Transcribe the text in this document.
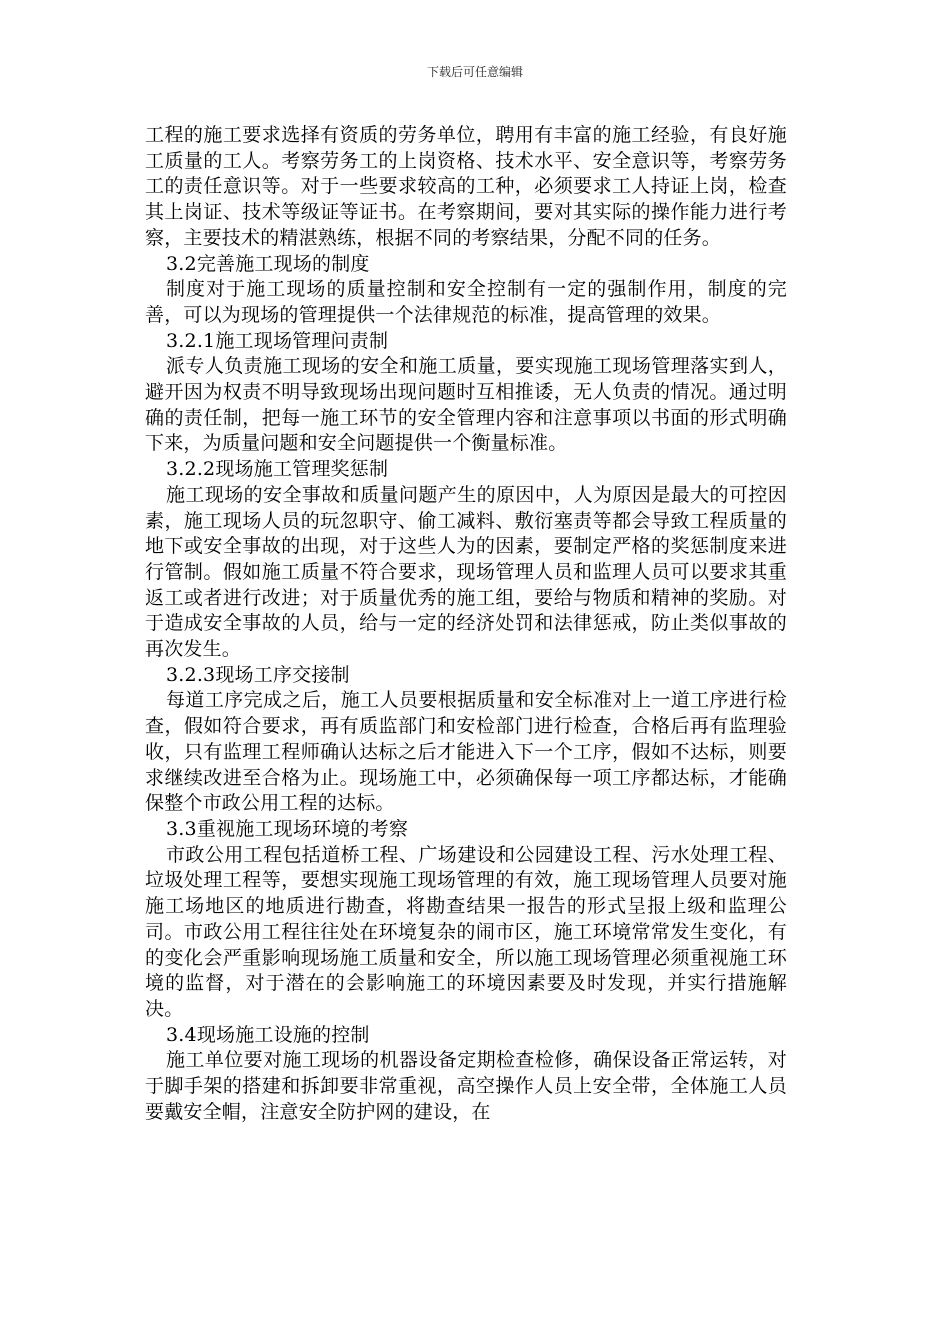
下载后可任意编辑

工程的施工要求选择有资质的劳务单位，聘用有丰富的施工经验，有良好施工质量的工人。考察劳务工的上岗资格、技术水平、安全意识等，考察劳务工的责任意识等。对于一些要求较高的工种，必须要求工人持证上岗，检查其上岗证、技术等级证等证书。在考察期间，要对其实际的操作能力进行考察，主要技术的精湛熟练，根据不同的考察结果，分配不同的任务。

3.2完善施工现场的制度

制度对于施工现场的质量控制和安全控制有一定的强制作用，制度的完善，可以为现场的管理提供一个法律规范的标准，提高管理的效果。

3.2.1施工现场管理问责制

派专人负责施工现场的安全和施工质量，要实现施工现场管理落实到人，避开因为权责不明导致现场出现问题时互相推诿，无人负责的情况。通过明确的责任制，把每一施工环节的安全管理内容和注意事项以书面的形式明确下来，为质量问题和安全问题提供一个衡量标准。

3.2.2现场施工管理奖惩制

施工现场的安全事故和质量问题产生的原因中，人为原因是最大的可控因素，施工现场人员的玩忽职守、偷工减料、敷衍塞责等都会导致工程质量的地下或安全事故的出现，对于这些人为的因素，要制定严格的奖惩制度来进行管制。假如施工质量不符合要求，现场管理人员和监理人员可以要求其重返工或者进行改进；对于质量优秀的施工组，要给与物质和精神的奖励。对于造成安全事故的人员，给与一定的经济处罚和法律惩戒，防止类似事故的再次发生。

3.2.3现场工序交接制

每道工序完成之后，施工人员要根据质量和安全标准对上一道工序进行检查，假如符合要求，再有质监部门和安检部门进行检查，合格后再有监理验收，只有监理工程师确认达标之后才能进入下一个工序，假如不达标，则要求继续改进至合格为止。现场施工中，必须确保每一项工序都达标，才能确保整个市政公用工程的达标。

3.3重视施工现场环境的考察

市政公用工程包括道桥工程、广场建设和公园建设工程、污水处理工程、垃圾处理工程等，要想实现施工现场管理的有效，施工现场管理人员要对施施工场地区的地质进行勘查，将勘查结果一报告的形式呈报上级和监理公司。市政公用工程往往处在环境复杂的闹市区，施工环境常常发生变化，有的变化会严重影响现场施工质量和安全，所以施工现场管理必须重视施工环境的监督，对于潜在的会影响施工的环境因素要及时发现，并实行措施解决。

3.4现场施工设施的控制

施工单位要对施工现场的机器设备定期检查检修，确保设备正常运转，对于脚手架的搭建和拆卸要非常重视，高空操作人员上安全带，全体施工人员要戴安全帽，注意安全防护网的建设，在
